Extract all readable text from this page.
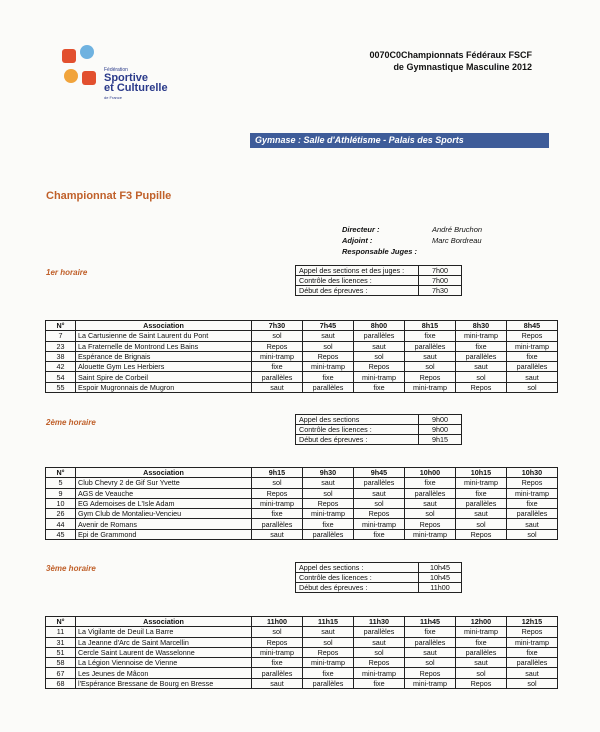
Fédération
Sportive
et Culturelle
de France
0070C0Championnats Fédéraux FSCF
de Gymnastique Masculine 2012
Gymnase : Salle d'Athlétisme - Palais des Sports
Championnat F3 Pupille
Directeur :	André Bruchon
Adjoint :	Marc Bordreau
Responsable Juges :
1er horaire	Appel des sections et des juges :	7h00
Contrôle des licences :	7h00
Début des épreuves :	7h30
N°	Association	7h30	7h45	8h00	8h15	8h30	8h45
7	La Cartusienne de Saint Laurent du Pont	sol	saut	parallèles	fixe	mini-tramp	Repos
23	La Fraternelle de Montrond Les Bains	Repos	sol	saut	parallèles	fixe	mini-tramp
38	Espérance de Brignais	mini-tramp	Repos	sol	saut	parallèles	fixe
42	Alouette Gym Les Herbiers	fixe	mini-tramp	Repos	sol	saut	parallèles
54	Saint Spire de Corbeil	parallèles	fixe	mini-tramp	Repos	sol	saut
55	Espoir Mugronnais de Mugron	saut	parallèles	fixe	mini-tramp	Repos	sol
2ème horaire	Appel des sections	9h00
Contrôle des licences :	9h00
Début des épreuves :	9h15
N°	Association	9h15	9h30	9h45	10h00	10h15	10h30
5	Club Chevry 2 de Gif Sur Yvette	sol	saut	parallèles	fixe	mini-tramp	Repos
9	AGS de Veauche	Repos	sol	saut	parallèles	fixe	mini-tramp
10	EG Ademoises de L'Isle Adam	mini-tramp	Repos	sol	saut	parallèles	fixe
26	Gym Club de Montalieu-Vencieu	fixe	mini-tramp	Repos	sol	saut	parallèles
44	Avenir de Romans	parallèles	fixe	mini-tramp	Repos	sol	saut
45	Epi de Grammond	saut	parallèles	fixe	mini-tramp	Repos	sol
3ème horaire	Appel des sections :	10h45
Contrôle des licences :	10h45
Début des épreuves :	11h00
N°	Association	11h00	11h15	11h30	11h45	12h00	12h15
11	La Vigilante de Deuil La Barre	sol	saut	parallèles	fixe	mini-tramp	Repos
31	La Jeanne d'Arc de Saint Marcellin	Repos	sol	saut	parallèles	fixe	mini-tramp
51	Cercle Saint Laurent de Wasselonne	mini-tramp	Repos	sol	saut	parallèles	fixe
58	La Légion Viennoise de Vienne	fixe	mini-tramp	Repos	sol	saut	parallèles
67	Les Jeunes de Mâcon	parallèles	fixe	mini-tramp	Repos	sol	saut
68	l'Espérance Bressane de Bourg en Bresse	saut	parallèles	fixe	mini-tramp	Repos	sol
